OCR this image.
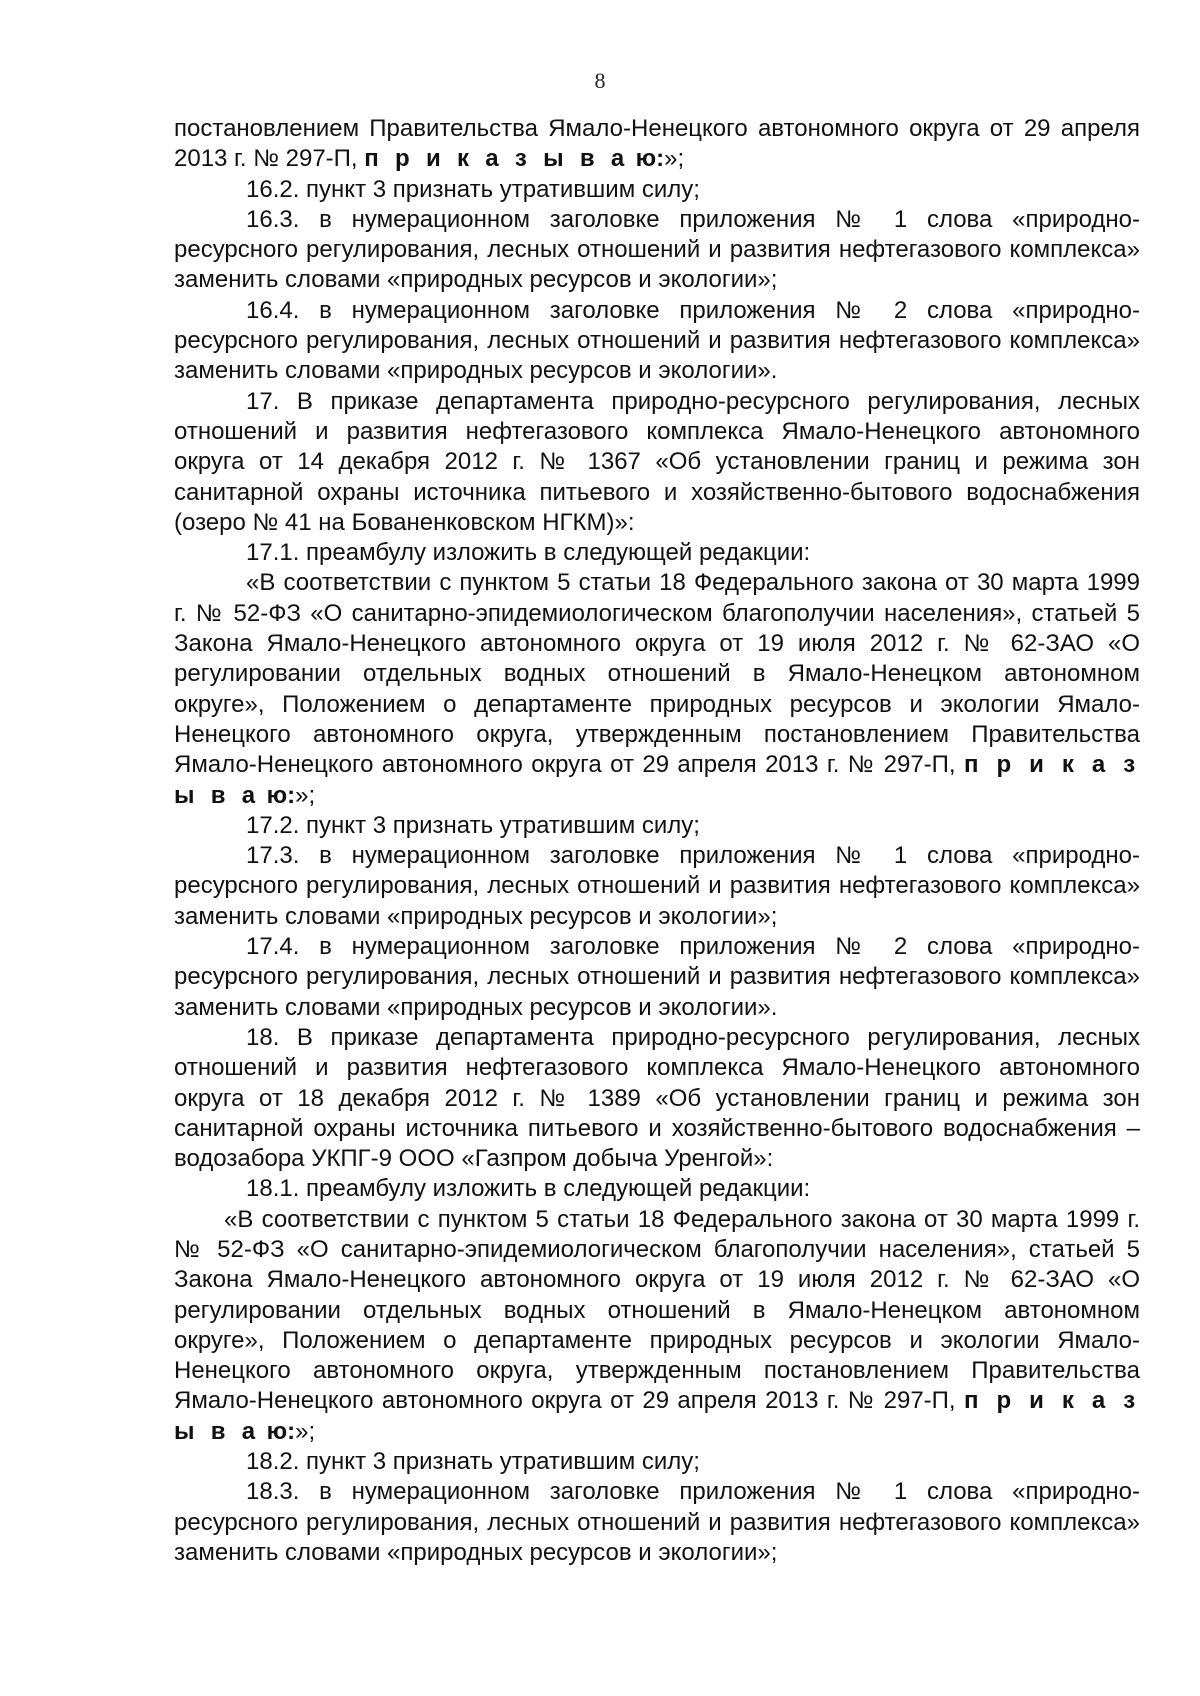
8

постановлением Правительства Ямало-Ненецкого автономного округа от 29 апреля 2013 г. № 297-П, п р и к а з ы в а ю:»;

16.2. пункт 3 признать утратившим силу;

16.3. в нумерационном заголовке приложения № 1 слова «природно-ресурсного регулирования, лесных отношений и развития нефтегазового комплекса» заменить словами «природных ресурсов и экологии»;

16.4. в нумерационном заголовке приложения № 2 слова «природно-ресурсного регулирования, лесных отношений и развития нефтегазового комплекса» заменить словами «природных ресурсов и экологии».

17. В приказе департамента природно-ресурсного регулирования, лесных отношений и развития нефтегазового комплекса Ямало-Ненецкого автономного округа от 14 декабря 2012 г. № 1367 «Об установлении границ и режима зон санитарной охраны источника питьевого и хозяйственно-бытового водоснабжения (озеро № 41 на Бованенковском НГКМ)»:

17.1. преамбулу изложить в следующей редакции:

«В соответствии с пунктом 5 статьи 18 Федерального закона от 30 марта 1999 г. № 52-ФЗ «О санитарно-эпидемиологическом благополучии населения», статьей 5 Закона Ямало-Ненецкого автономного округа от 19 июля 2012 г. № 62-ЗАО «О регулировании отдельных водных отношений в Ямало-Ненецком автономном округе», Положением о департаменте природных ресурсов и экологии Ямало-Ненецкого автономного округа, утвержденным постановлением Правительства Ямало-Ненецкого автономного округа от 29 апреля 2013 г. № 297-П, п р и к а з ы в а ю:»;

17.2. пункт 3 признать утратившим силу;

17.3. в нумерационном заголовке приложения № 1 слова «природно-ресурсного регулирования, лесных отношений и развития нефтегазового комплекса» заменить словами «природных ресурсов и экологии»;

17.4. в нумерационном заголовке приложения № 2 слова «природно-ресурсного регулирования, лесных отношений и развития нефтегазового комплекса» заменить словами «природных ресурсов и экологии».

18. В приказе департамента природно-ресурсного регулирования, лесных отношений и развития нефтегазового комплекса Ямало-Ненецкого автономного округа от 18 декабря 2012 г. № 1389 «Об установлении границ и режима зон санитарной охраны источника питьевого и хозяйственно-бытового водоснабжения – водозабора УКПГ-9 ООО «Газпром добыча Уренгой»:

18.1. преамбулу изложить в следующей редакции:

«В соответствии с пунктом 5 статьи 18 Федерального закона от 30 марта 1999 г. № 52-ФЗ «О санитарно-эпидемиологическом благополучии населения», статьей 5 Закона Ямало-Ненецкого автономного округа от 19 июля 2012 г. № 62-ЗАО «О регулировании отдельных водных отношений в Ямало-Ненецком автономном округе», Положением о департаменте природных ресурсов и экологии Ямало-Ненецкого автономного округа, утвержденным постановлением Правительства Ямало-Ненецкого автономного округа от 29 апреля 2013 г. № 297-П, п р и к а з ы в а ю:»;

18.2. пункт 3 признать утратившим силу;

18.3. в нумерационном заголовке приложения № 1 слова «природно-ресурсного регулирования, лесных отношений и развития нефтегазового комплекса» заменить словами «природных ресурсов и экологии»;
